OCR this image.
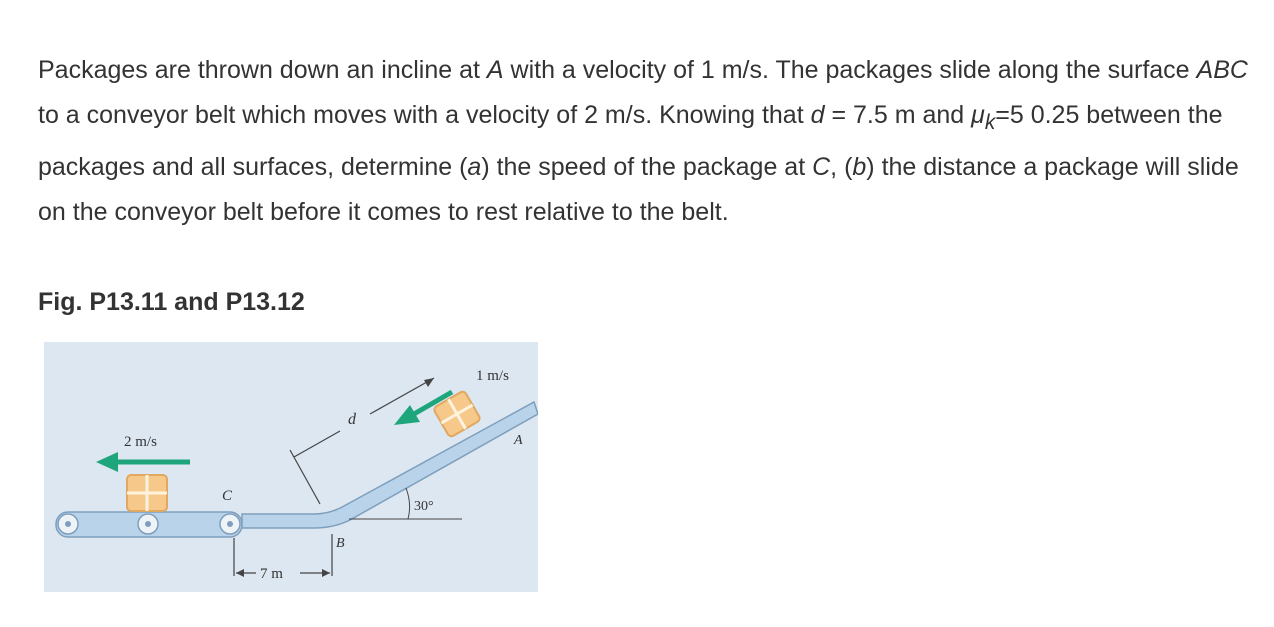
Packages are thrown down an incline at A with a velocity of 1 m/s. The packages slide along the surface ABC to a conveyor belt which moves with a velocity of 2 m/s. Knowing that d = 7.5 m and $\mu_k=5$ 0.25 between the packages and all surfaces, determine (a) the speed of the package at C, (b) the distance a package will slide on the conveyor belt before it comes to rest relative to the belt.
Fig. P13.11 and P13.12
2 m/s
1 m/s
d
A
B
C
30°
7 m
